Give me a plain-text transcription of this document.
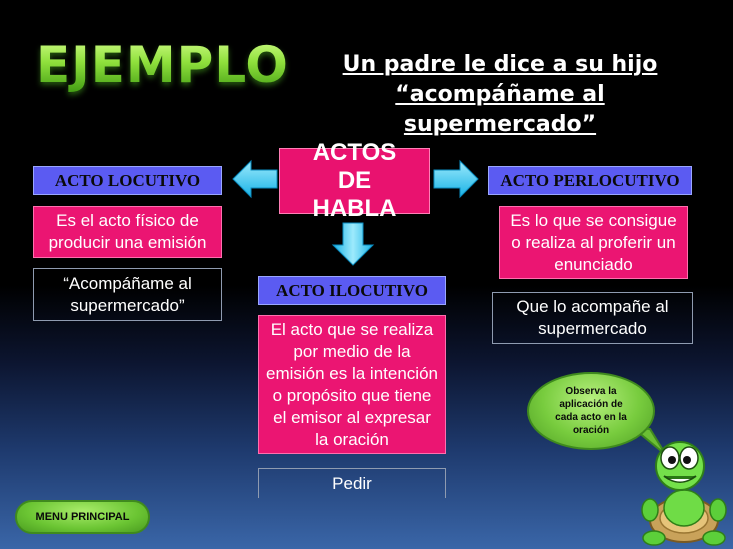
EJEMPLO	Un padre le dice a su hijo
“acompáñame al supermercado”
ACTOS DE HABLA
ACTO LOCUTIVO
Es el acto físico de producir una emisión
“Acompáñame al supermercado”
ACTO ILOCUTIVO
El acto que se realiza por medio de la emisión es la intención o propósito que tiene el emisor al expresar la oración
Pedir
ACTO PERLOCUTIVO
Es lo que se consigue o realiza al proferir un enunciado
Que lo acompañe al supermercado
Observa la aplicación de cada acto en la oración
MENU PRINCIPAL
